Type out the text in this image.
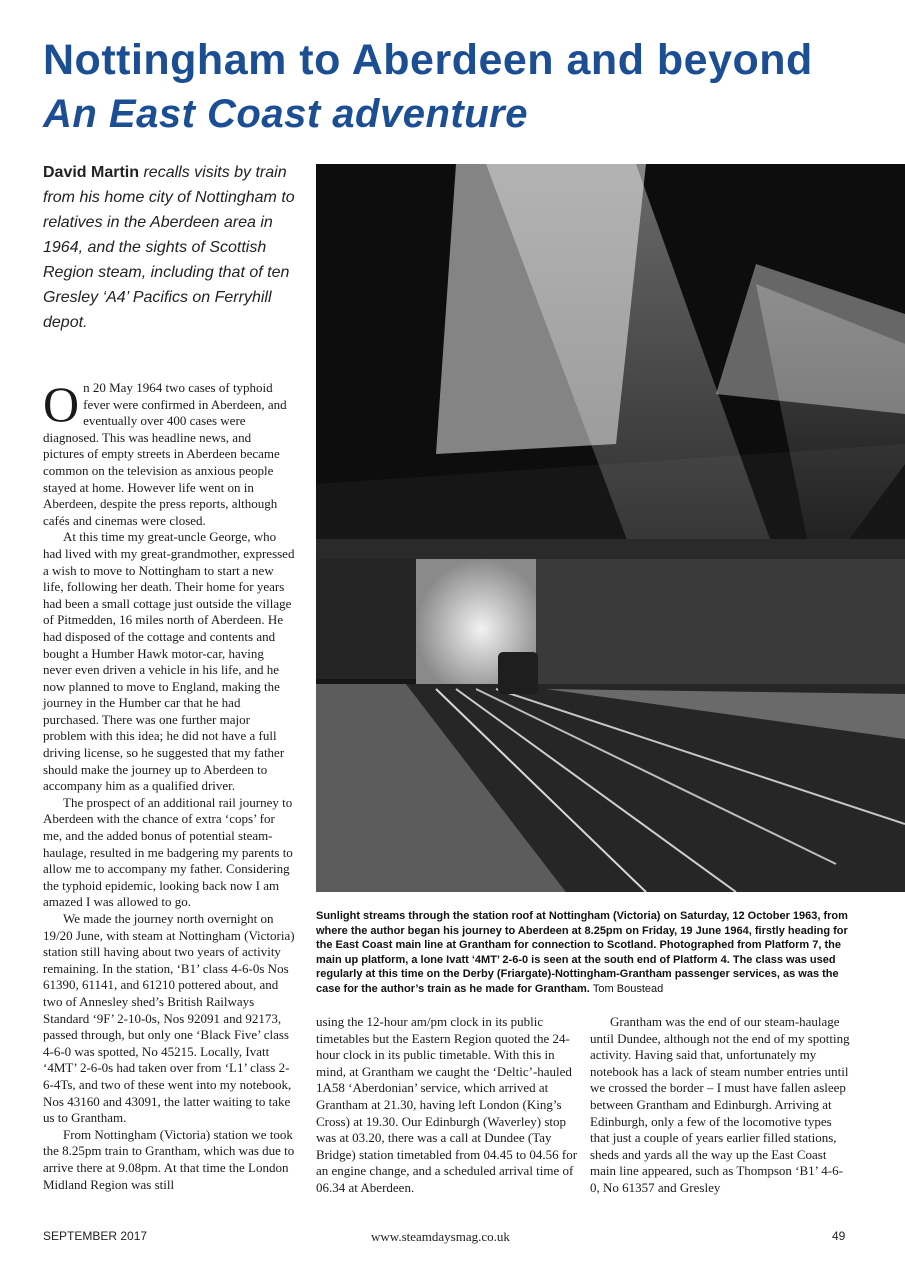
Nottingham to Aberdeen and beyond
An East Coast adventure
David Martin recalls visits by train from his home city of Nottingham to relatives in the Aberdeen area in 1964, and the sights of Scottish Region steam, including that of ten Gresley ‘A4’ Pacifics on Ferryhill depot.

On 20 May 1964 two cases of typhoid fever were confirmed in Aberdeen, and eventually over 400 cases were diagnosed. This was headline news, and pictures of empty streets in Aberdeen became common on the television as anxious people stayed at home. However life went on in Aberdeen, despite the press reports, although cafés and cinemas were closed.

At this time my great-uncle George, who had lived with my great-grandmother, expressed a wish to move to Nottingham to start a new life, following her death. Their home for years had been a small cottage just outside the village of Pitmedden, 16 miles north of Aberdeen. He had disposed of the cottage and contents and bought a Humber Hawk motor-car, having never even driven a vehicle in his life, and he now planned to move to England, making the journey in the Humber car that he had purchased. There was one further major problem with this idea; he did not have a full driving license, so he suggested that my father should make the journey up to Aberdeen to accompany him as a qualified driver.

The prospect of an additional rail journey to Aberdeen with the chance of extra ‘cops’ for me, and the added bonus of potential steam-haulage, resulted in me badgering my parents to allow me to accompany my father. Considering the typhoid epidemic, looking back now I am amazed I was allowed to go.

We made the journey north overnight on 19/20 June, with steam at Nottingham (Victoria) station still having about two years of activity remaining. In the station, ‘B1’ class 4-6-0s Nos 61390, 61141, and 61210 pottered about, and two of Annesley shed’s British Railways Standard ‘9F’ 2-10-0s, Nos 92091 and 92173, passed through, but only one ‘Black Five’ class 4-6-0 was spotted, No 45215. Locally, Ivatt ‘4MT’ 2-6-0s had taken over from ‘L1’ class 2-6-4Ts, and two of these went into my notebook, Nos 43160 and 43091, the latter waiting to take us to Grantham.

From Nottingham (Victoria) station we took the 8.25pm train to Grantham, which was due to arrive there at 9.08pm. At that time the London Midland Region was still

Sunlight streams through the station roof at Nottingham (Victoria) on Saturday, 12 October 1963, from where the author began his journey to Aberdeen at 8.25pm on Friday, 19 June 1964, firstly heading for the East Coast main line at Grantham for connection to Scotland. Photographed from Platform 7, the main up platform, a lone Ivatt ‘4MT’ 2-6-0 is seen at the south end of Platform 4. The class was used regularly at this time on the Derby (Friargate)-Nottingham-Grantham passenger services, as was the case for the author’s train as he made for Grantham. Tom Boustead

using the 12-hour am/pm clock in its public timetables but the Eastern Region quoted the 24-hour clock in its public timetable. With this in mind, at Grantham we caught the ‘Deltic’-hauled 1A58 ‘Aberdonian’ service, which arrived at Grantham at 21.30, having left London (King’s Cross) at 19.30. Our Edinburgh (Waverley) stop was at 03.20, there was a call at Dundee (Tay Bridge) station timetabled from 04.45 to 04.56 for an engine change, and a scheduled arrival time of 06.34 at Aberdeen.

Grantham was the end of our steam-haulage until Dundee, although not the end of my spotting activity. Having said that, unfortunately my notebook has a lack of steam number entries until we crossed the border – I must have fallen asleep between Grantham and Edinburgh. Arriving at Edinburgh, only a few of the locomotive types that just a couple of years earlier filled stations, sheds and yards all the way up the East Coast main line appeared, such as Thompson ‘B1’ 4-6-0, No 61357 and Gresley

SEPTEMBER 2017	www.steamdaysmag.co.uk	49
